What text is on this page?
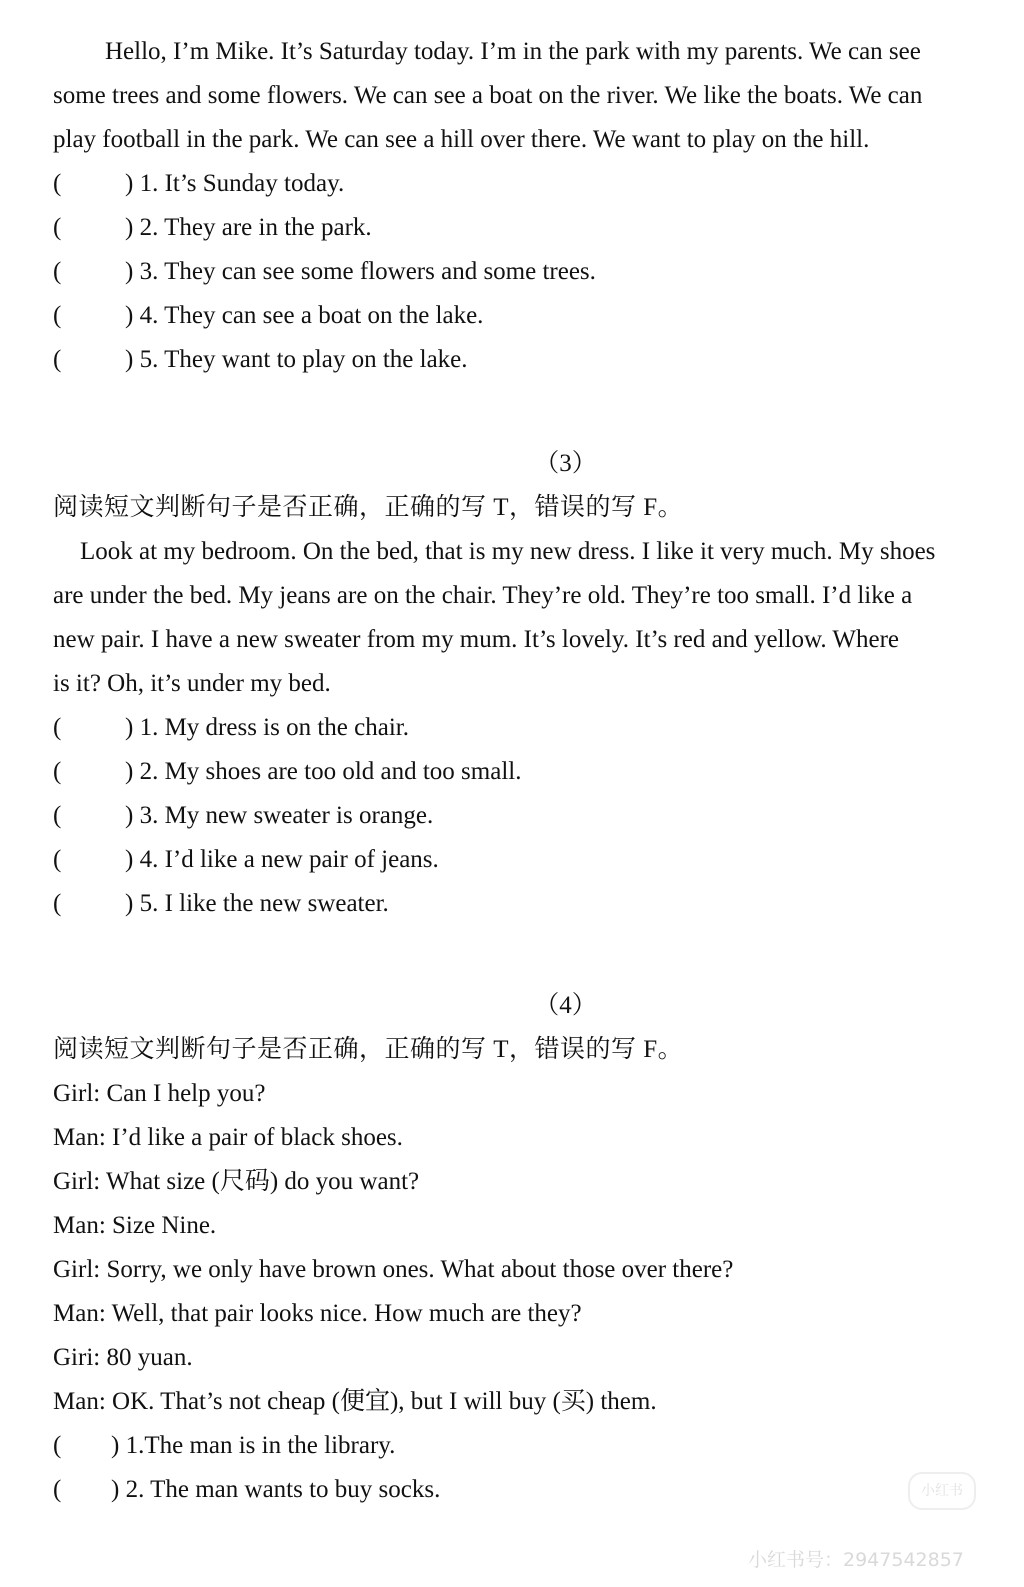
Hello, I’m Mike. It’s Saturday today. I’m in the park with my parents. We can see
some trees and some flowers. We can see a boat on the river. We like the boats. We can
play football in the park. We can see a hill over there. We want to play on the hill.
(	) 1. It’s Sunday today.
(	) 2. They are in the park.
(	) 3. They can see some flowers and some trees.
(	) 4. They can see a boat on the lake.
(	) 5. They want to play on the lake.
（3）
阅读短文判断句子是否正确，正确的写 T，错误的写 F。
Look at my bedroom. On the bed, that is my new dress. I like it very much. My shoes
are under the bed. My jeans are on the chair. They’re old. They’re too small. I’d like a
new pair. I have a new sweater from my mum. It’s lovely. It’s red and yellow. Where
is it? Oh, it’s under my bed.
(	) 1. My dress is on the chair.
(	) 2. My shoes are too old and too small.
(	) 3. My new sweater is orange.
(	) 4. I’d like a new pair of jeans.
(	) 5. I like the new sweater.
（4）
阅读短文判断句子是否正确，正确的写 T，错误的写 F。
Girl: Can I help you?
Man: I’d like a pair of black shoes.
Girl: What size (尺码) do you want?
Man: Size Nine.
Girl: Sorry, we only have brown ones. What about those over there?
Man: Well, that pair looks nice. How much are they?
Giri: 80 yuan.
Man: OK. That’s not cheap (便宜), but I will buy (买) them.
( ) 1.The man is in the library.
( ) 2. The man wants to buy socks.	小红书
小红书号：2947542857
